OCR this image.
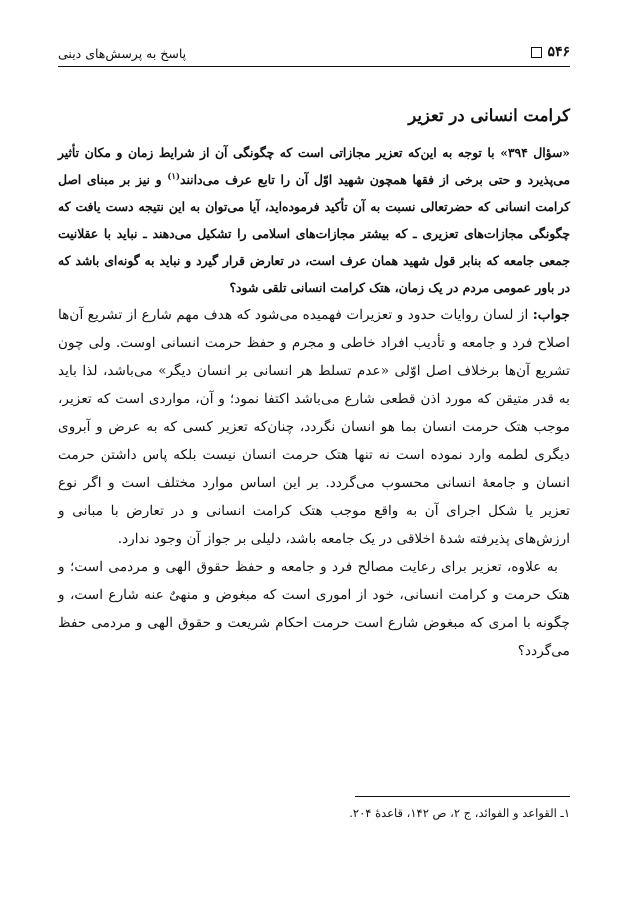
پاسخ به پرسش‌های دینی	۵۴۶
کرامت انسانی در تعزیر

«سؤال ۳۹۴» با توجه به این‌که تعزیر مجازاتی است که چگونگی آن از شرایط زمان و مکان تأثیر می‌پذیرد و حتی برخی از فقها همچون شهید اوّل آن را تابع عرف می‌دانند$^{(۱)}$ و نیز بر مبنای اصل کرامت انسانی که حضرتعالی نسبت به آن تأکید فرموده‌اید، آیا می‌توان به این نتیجه دست یافت که چگونگی مجازات‌های تعزیری ـ که بیشتر مجازات‌های اسلامی را تشکیل می‌دهند ـ نباید با عقلانیت جمعی جامعه که بنابر قول شهید همان عرف است، در تعارض قرار گیرد و نباید به گونه‌ای باشد که در باور عمومی مردم در یک زمان، هتک کرامت انسانی تلقی شود؟

جواب: از لسان روایات حدود و تعزیرات فهمیده می‌شود که هدف مهم شارع از تشریع آن‌ها اصلاح فرد و جامعه و تأدیب افراد خاطی و مجرم و حفظ حرمت انسانی اوست. ولی چون تشریع آن‌ها برخلاف اصل اوّلی «عدم تسلط هر انسانی بر انسان دیگر» می‌باشد، لذا باید به قدر متیقن که مورد اذن قطعی شارع می‌باشد اکتفا نمود؛ و آن، مواردی است که تعزیر، موجب هتک حرمت انسان بما هو انسان نگردد، چنان‌که تعزیر کسی که به عرض و آبروی دیگری لطمه وارد نموده است نه تنها هتک حرمت انسان نیست بلکه پاس داشتن حرمت انسان و جامعهٔ انسانی محسوب می‌گردد. بر این اساس موارد مختلف است و اگر نوع تعزیر یا شکل اجرای آن به واقع موجب هتک کرامت انسانی و در تعارض با مبانی و ارزش‌های پذیرفته شدهٔ اخلاقی در یک جامعه باشد، دلیلی بر جواز آن وجود ندارد.

به علاوه، تعزیر برای رعایت مصالح فرد و جامعه و حفظ حقوق الهی و مردمی است؛ و هتک حرمت و کرامت انسانی، خود از اموری است که مبغوض و منهیٌ عنه شارع است، و چگونه با امری که مبغوض شارع است حرمت احکام شریعت و حقوق الهی و مردمی حفظ می‌گردد؟

۱ـ القواعد و الفوائد، ج ۲، ص ۱۴۲، قاعدهٔ ۲۰۴.
